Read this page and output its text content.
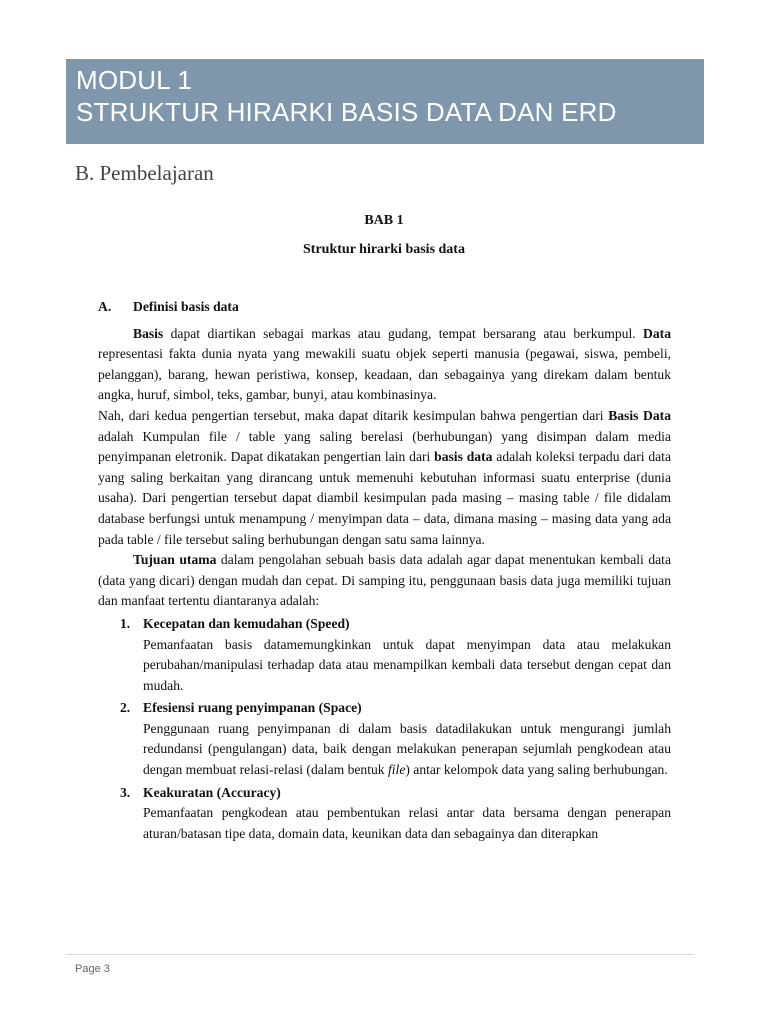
MODUL 1
STRUKTUR HIRARKI BASIS DATA DAN ERD
B. Pembelajaran
BAB 1
Struktur hirarki basis data
A.	Definisi basis data

Basis dapat diartikan sebagai markas atau gudang, tempat bersarang atau berkumpul. Data representasi fakta dunia nyata yang mewakili suatu objek seperti manusia (pegawai, siswa, pembeli, pelanggan), barang, hewan peristiwa, konsep, keadaan, dan sebagainya yang direkam dalam bentuk angka, huruf, simbol, teks, gambar, bunyi, atau kombinasinya.

Nah, dari kedua pengertian tersebut, maka dapat ditarik kesimpulan bahwa pengertian dari Basis Data adalah Kumpulan file / table yang saling berelasi (berhubungan) yang disimpan dalam media penyimpanan eletronik. Dapat dikatakan pengertian lain dari basis data adalah koleksi terpadu dari data yang saling berkaitan yang dirancang untuk memenuhi kebutuhan informasi suatu enterprise (dunia usaha). Dari pengertian tersebut dapat diambil kesimpulan pada masing – masing table / file didalam database berfungsi untuk menampung / menyimpan data – data, dimana masing – masing data yang ada pada table / file tersebut saling berhubungan dengan satu sama lainnya.

Tujuan utama dalam pengolahan sebuah basis data adalah agar dapat menentukan kembali data (data yang dicari) dengan mudah dan cepat. Di samping itu, penggunaan basis data juga memiliki tujuan dan manfaat tertentu diantaranya adalah:

1. Kecepatan dan kemudahan (Speed)
Pemanfaatan basis datamemungkinkan untuk dapat menyimpan data atau melakukan perubahan/manipulasi terhadap data atau menampilkan kembali data tersebut dengan cepat dan mudah.
2. Efesiensi ruang penyimpanan (Space)
Penggunaan ruang penyimpanan di dalam basis datadilakukan untuk mengurangi jumlah redundansi (pengulangan) data, baik dengan melakukan penerapan sejumlah pengkodean atau dengan membuat relasi-relasi (dalam bentuk file) antar kelompok data yang saling berhubungan.
3. Keakuratan (Accuracy)
Pemanfaatan pengkodean atau pembentukan relasi antar data bersama dengan penerapan aturan/batasan tipe data, domain data, keunikan data dan sebagainya dan diterapkan
Page 3
